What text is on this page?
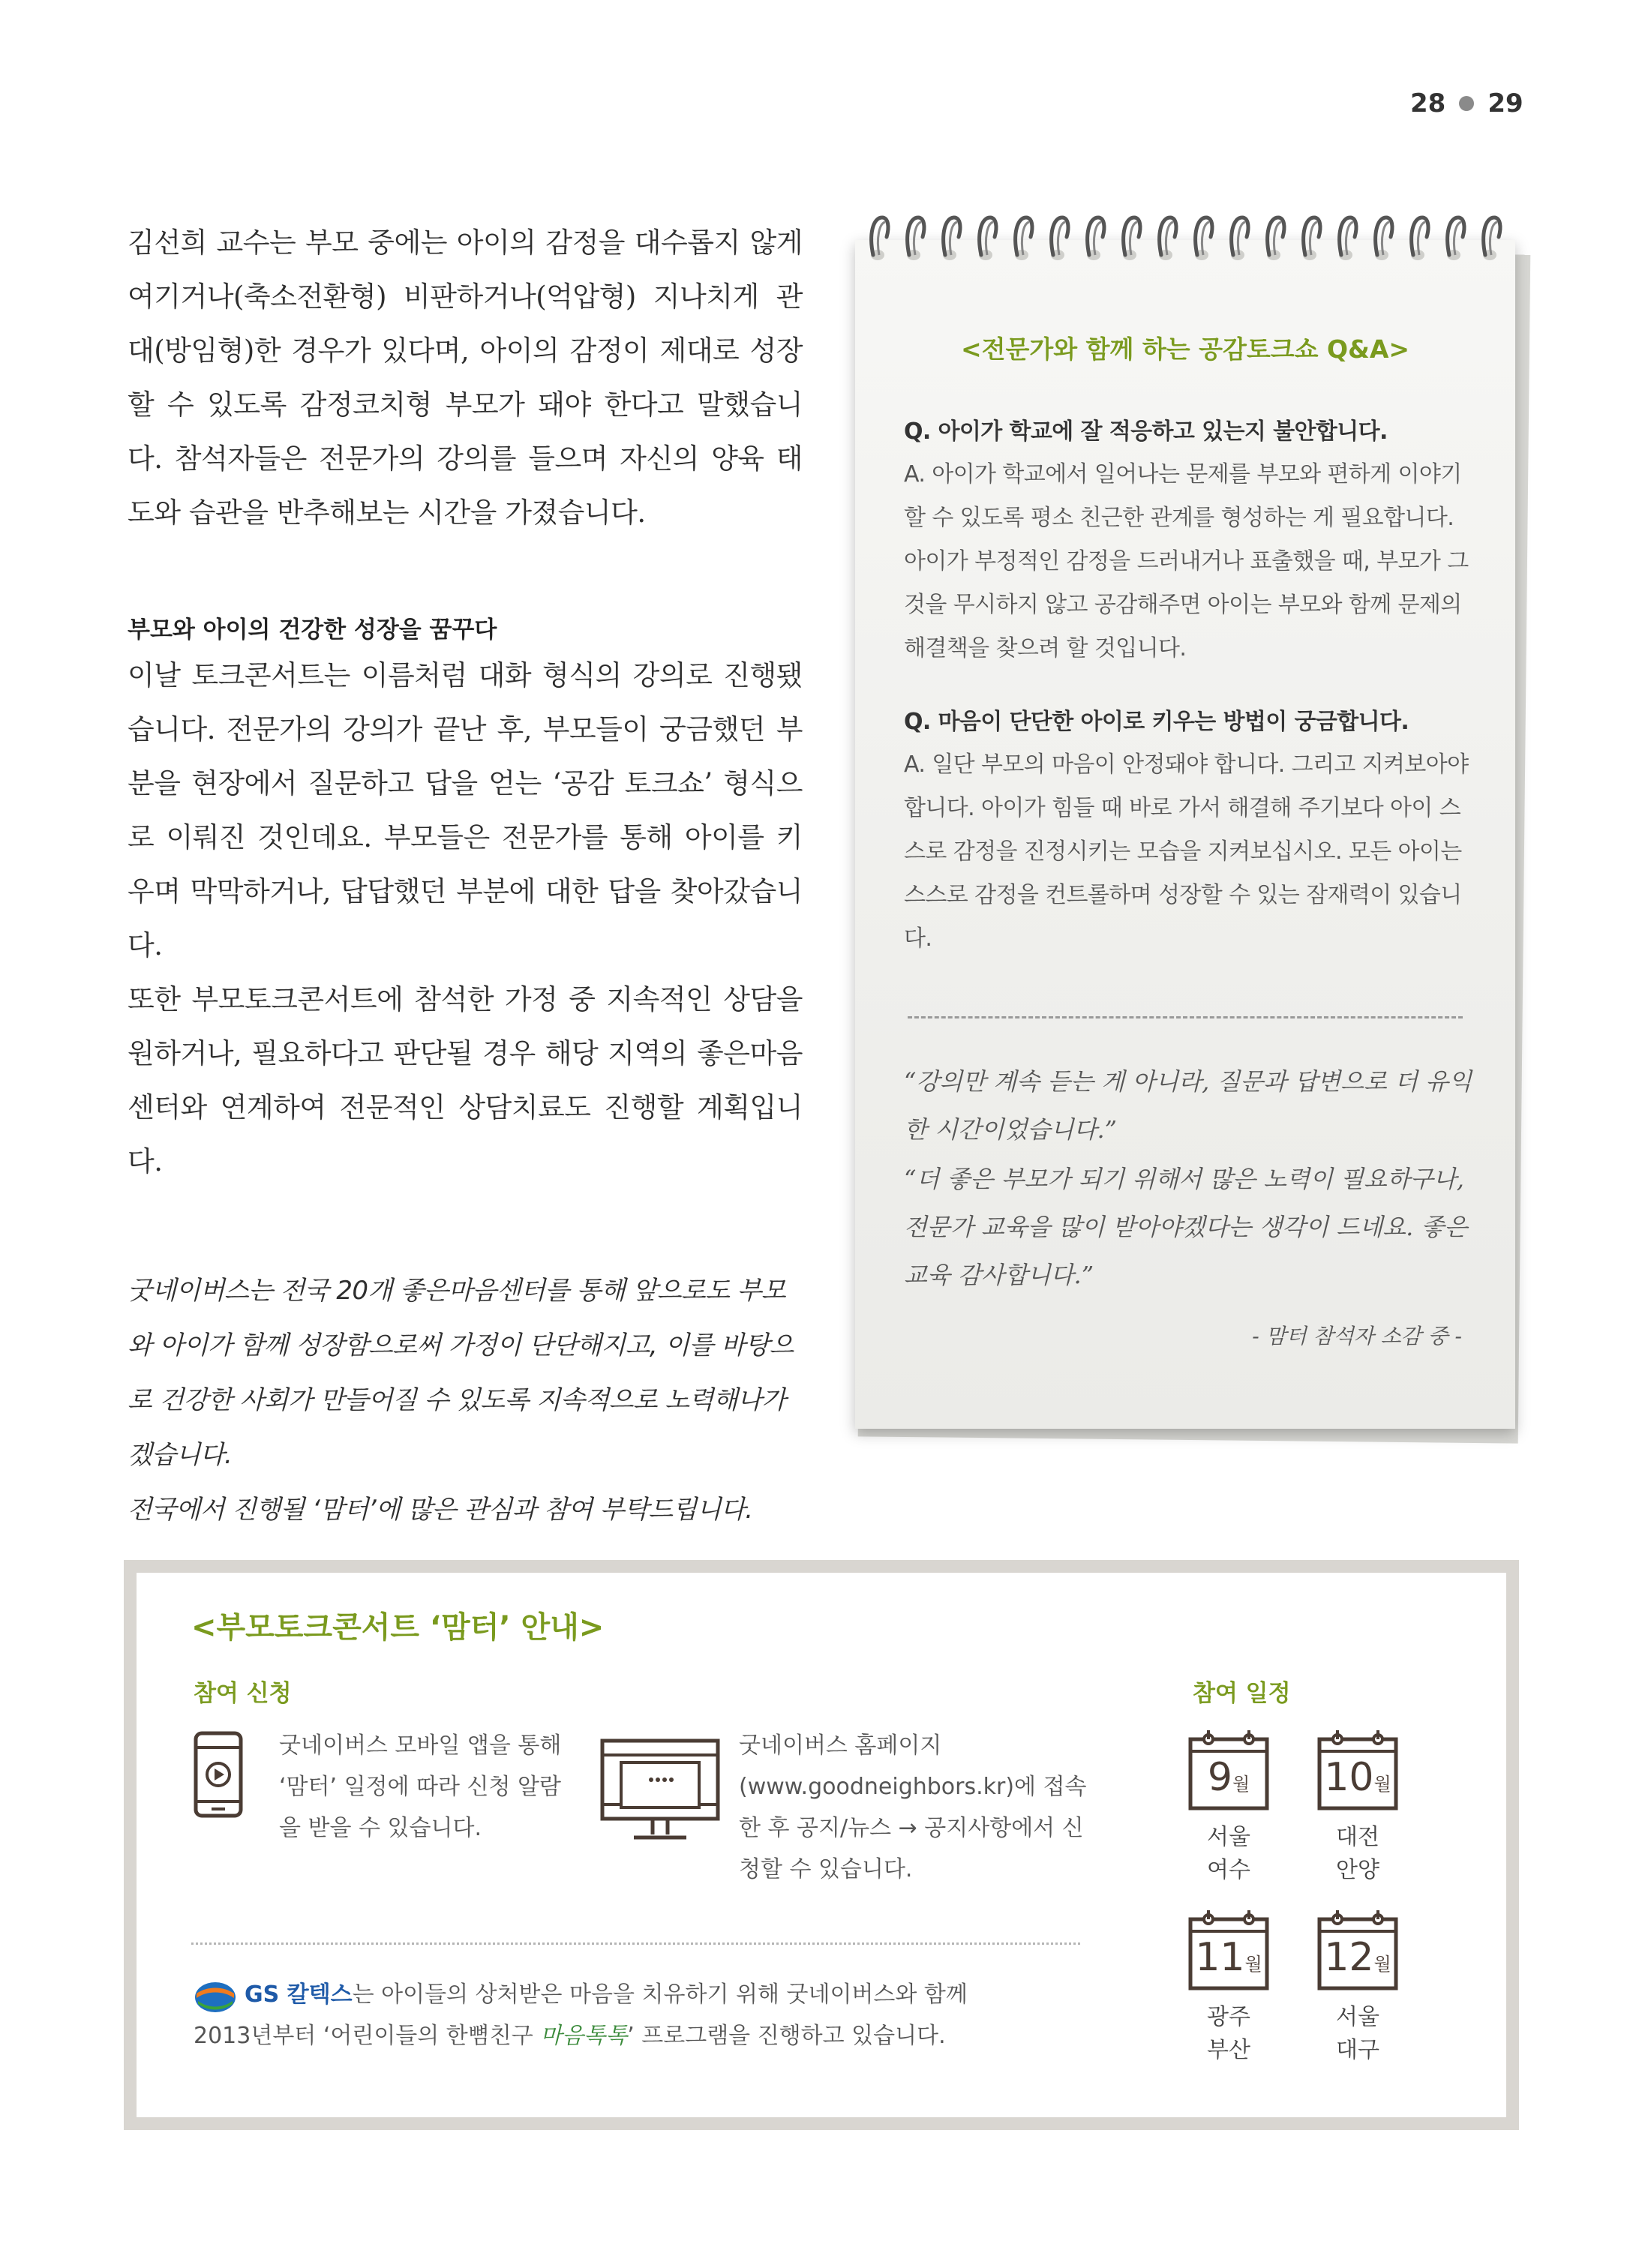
28 29

김선희 교수는 부모 중에는 아이의 감정을 대수롭지 않게 여기거나(축소전환형) 비판하거나(억압형) 지나치게 관대(방임형)한 경우가 있다며, 아이의 감정이 제대로 성장할 수 있도록 감정코치형 부모가 돼야 한다고 말했습니다. 참석자들은 전문가의 강의를 들으며 자신의 양육 태도와 습관을 반추해보는 시간을 가졌습니다.

부모와 아이의 건강한 성장을 꿈꾸다

이날 토크콘서트는 이름처럼 대화 형식의 강의로 진행됐습니다. 전문가의 강의가 끝난 후, 부모들이 궁금했던 부분을 현장에서 질문하고 답을 얻는 ‘공감 토크쇼’ 형식으로 이뤄진 것인데요. 부모들은 전문가를 통해 아이를 키우며 막막하거나, 답답했던 부분에 대한 답을 찾아갔습니다.

또한 부모토크콘서트에 참석한 가정 중 지속적인 상담을 원하거나, 필요하다고 판단될 경우 해당 지역의 좋은마음센터와 연계하여 전문적인 상담치료도 진행할 계획입니다.

굿네이버스는 전국 20개 좋은마음센터를 통해 앞으로도 부모와 아이가 함께 성장함으로써 가정이 단단해지고, 이를 바탕으로 건강한 사회가 만들어질 수 있도록 지속적으로 노력해나가겠습니다.

전국에서 진행될 ‘맘터’에 많은 관심과 참여 부탁드립니다.

<전문가와 함께 하는 공감토크쇼 Q&A>

Q. 아이가 학교에 잘 적응하고 있는지 불안합니다.

A. 아이가 학교에서 일어나는 문제를 부모와 편하게 이야기할 수 있도록 평소 친근한 관계를 형성하는 게 필요합니다. 아이가 부정적인 감정을 드러내거나 표출했을 때, 부모가 그것을 무시하지 않고 공감해주면 아이는 부모와 함께 문제의 해결책을 찾으려 할 것입니다.

Q. 마음이 단단한 아이로 키우는 방법이 궁금합니다.

A. 일단 부모의 마음이 안정돼야 합니다. 그리고 지켜보아야 합니다. 아이가 힘들 때 바로 가서 해결해 주기보다 아이 스스로 감정을 진정시키는 모습을 지켜보십시오. 모든 아이는 스스로 감정을 컨트롤하며 성장할 수 있는 잠재력이 있습니다.

“강의만 계속 듣는 게 아니라, 질문과 답변으로 더 유익한 시간이었습니다.”

“더 좋은 부모가 되기 위해서 많은 노력이 필요하구나, 전문가 교육을 많이 받아야겠다는 생각이 드네요. 좋은 교육 감사합니다.”

- 맘터 참석자 소감 중 -
<부모토크콘서트 ‘맘터’ 안내>
참여 신청	참여 일정

굿네이버스 모바일 앱을 통해 ‘맘터’ 일정에 따라 신청 알람을 받을 수 있습니다.

굿네이버스 홈페이지(www.goodneighbors.kr)에 접속한 후 공지/뉴스 → 공지사항에서 신청할 수 있습니다.

GS 칼텍스는 아이들의 상처받은 마음을 치유하기 위해 굿네이버스와 함께
2013년부터 ‘어린이들의 한뼘친구 마음톡톡’ 프로그램을 진행하고 있습니다.

9월
서울
여수
10월
대전
안양
11월
광주
부산
12월
서울
대구
